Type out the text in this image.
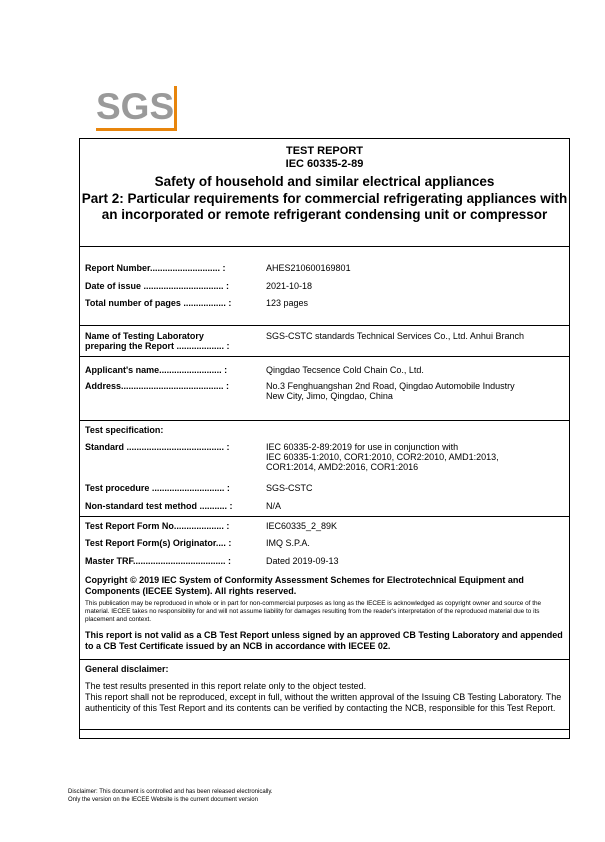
SGS
TEST REPORT
IEC 60335-2-89
Safety of household and similar electrical appliances
Part 2: Particular requirements for commercial refrigerating appliances with an incorporated or remote refrigerant condensing unit or compressor
Report Number............................ :	AHES210600169801
Date of issue ................................ :	2021-10-18
Total number of pages ................. :	123 pages
Name of Testing Laboratory
preparing the Report ................... :
SGS-CSTC standards Technical Services Co., Ltd. Anhui Branch
Applicant's name......................... :	Qingdao Tecsence Cold Chain Co., Ltd.
Address......................................... :	No.3 Fenghuangshan 2nd Road, Qingdao Automobile Industry
New City, Jimo, Qingdao, China
Test specification:
Standard ....................................... :	IEC 60335-2-89:2019 for use in conjunction with
IEC 60335-1:2010, COR1:2010, COR2:2010, AMD1:2013,
COR1:2014, AMD2:2016, COR1:2016
Test procedure ............................. :	SGS-CSTC
Non-standard test method ........... :	N/A
Test Report Form No.................... :	IEC60335_2_89K
Test Report Form(s) Originator.... :	IMQ S.P.A.
Master TRF..................................... :	Dated 2019-09-13
Copyright © 2019 IEC System of Conformity Assessment Schemes for Electrotechnical Equipment and Components (IECEE System). All rights reserved.
This publication may be reproduced in whole or in part for non-commercial purposes as long as the IECEE is acknowledged as copyright owner and source of the material. IECEE takes no responsibility for and will not assume liability for damages resulting from the reader's interpretation of the reproduced material due to its placement and context.
This report is not valid as a CB Test Report unless signed by an approved CB Testing Laboratory and appended to a CB Test Certificate issued by an NCB in accordance with IECEE 02.
General disclaimer:
The test results presented in this report relate only to the object tested.
This report shall not be reproduced, except in full, without the written approval of the Issuing CB Testing Laboratory. The authenticity of this Test Report and its contents can be verified by contacting the NCB, responsible for this Test Report.
Disclaimer: This document is controlled and has been released electronically.
Only the version on the IECEE Website is the current document version
